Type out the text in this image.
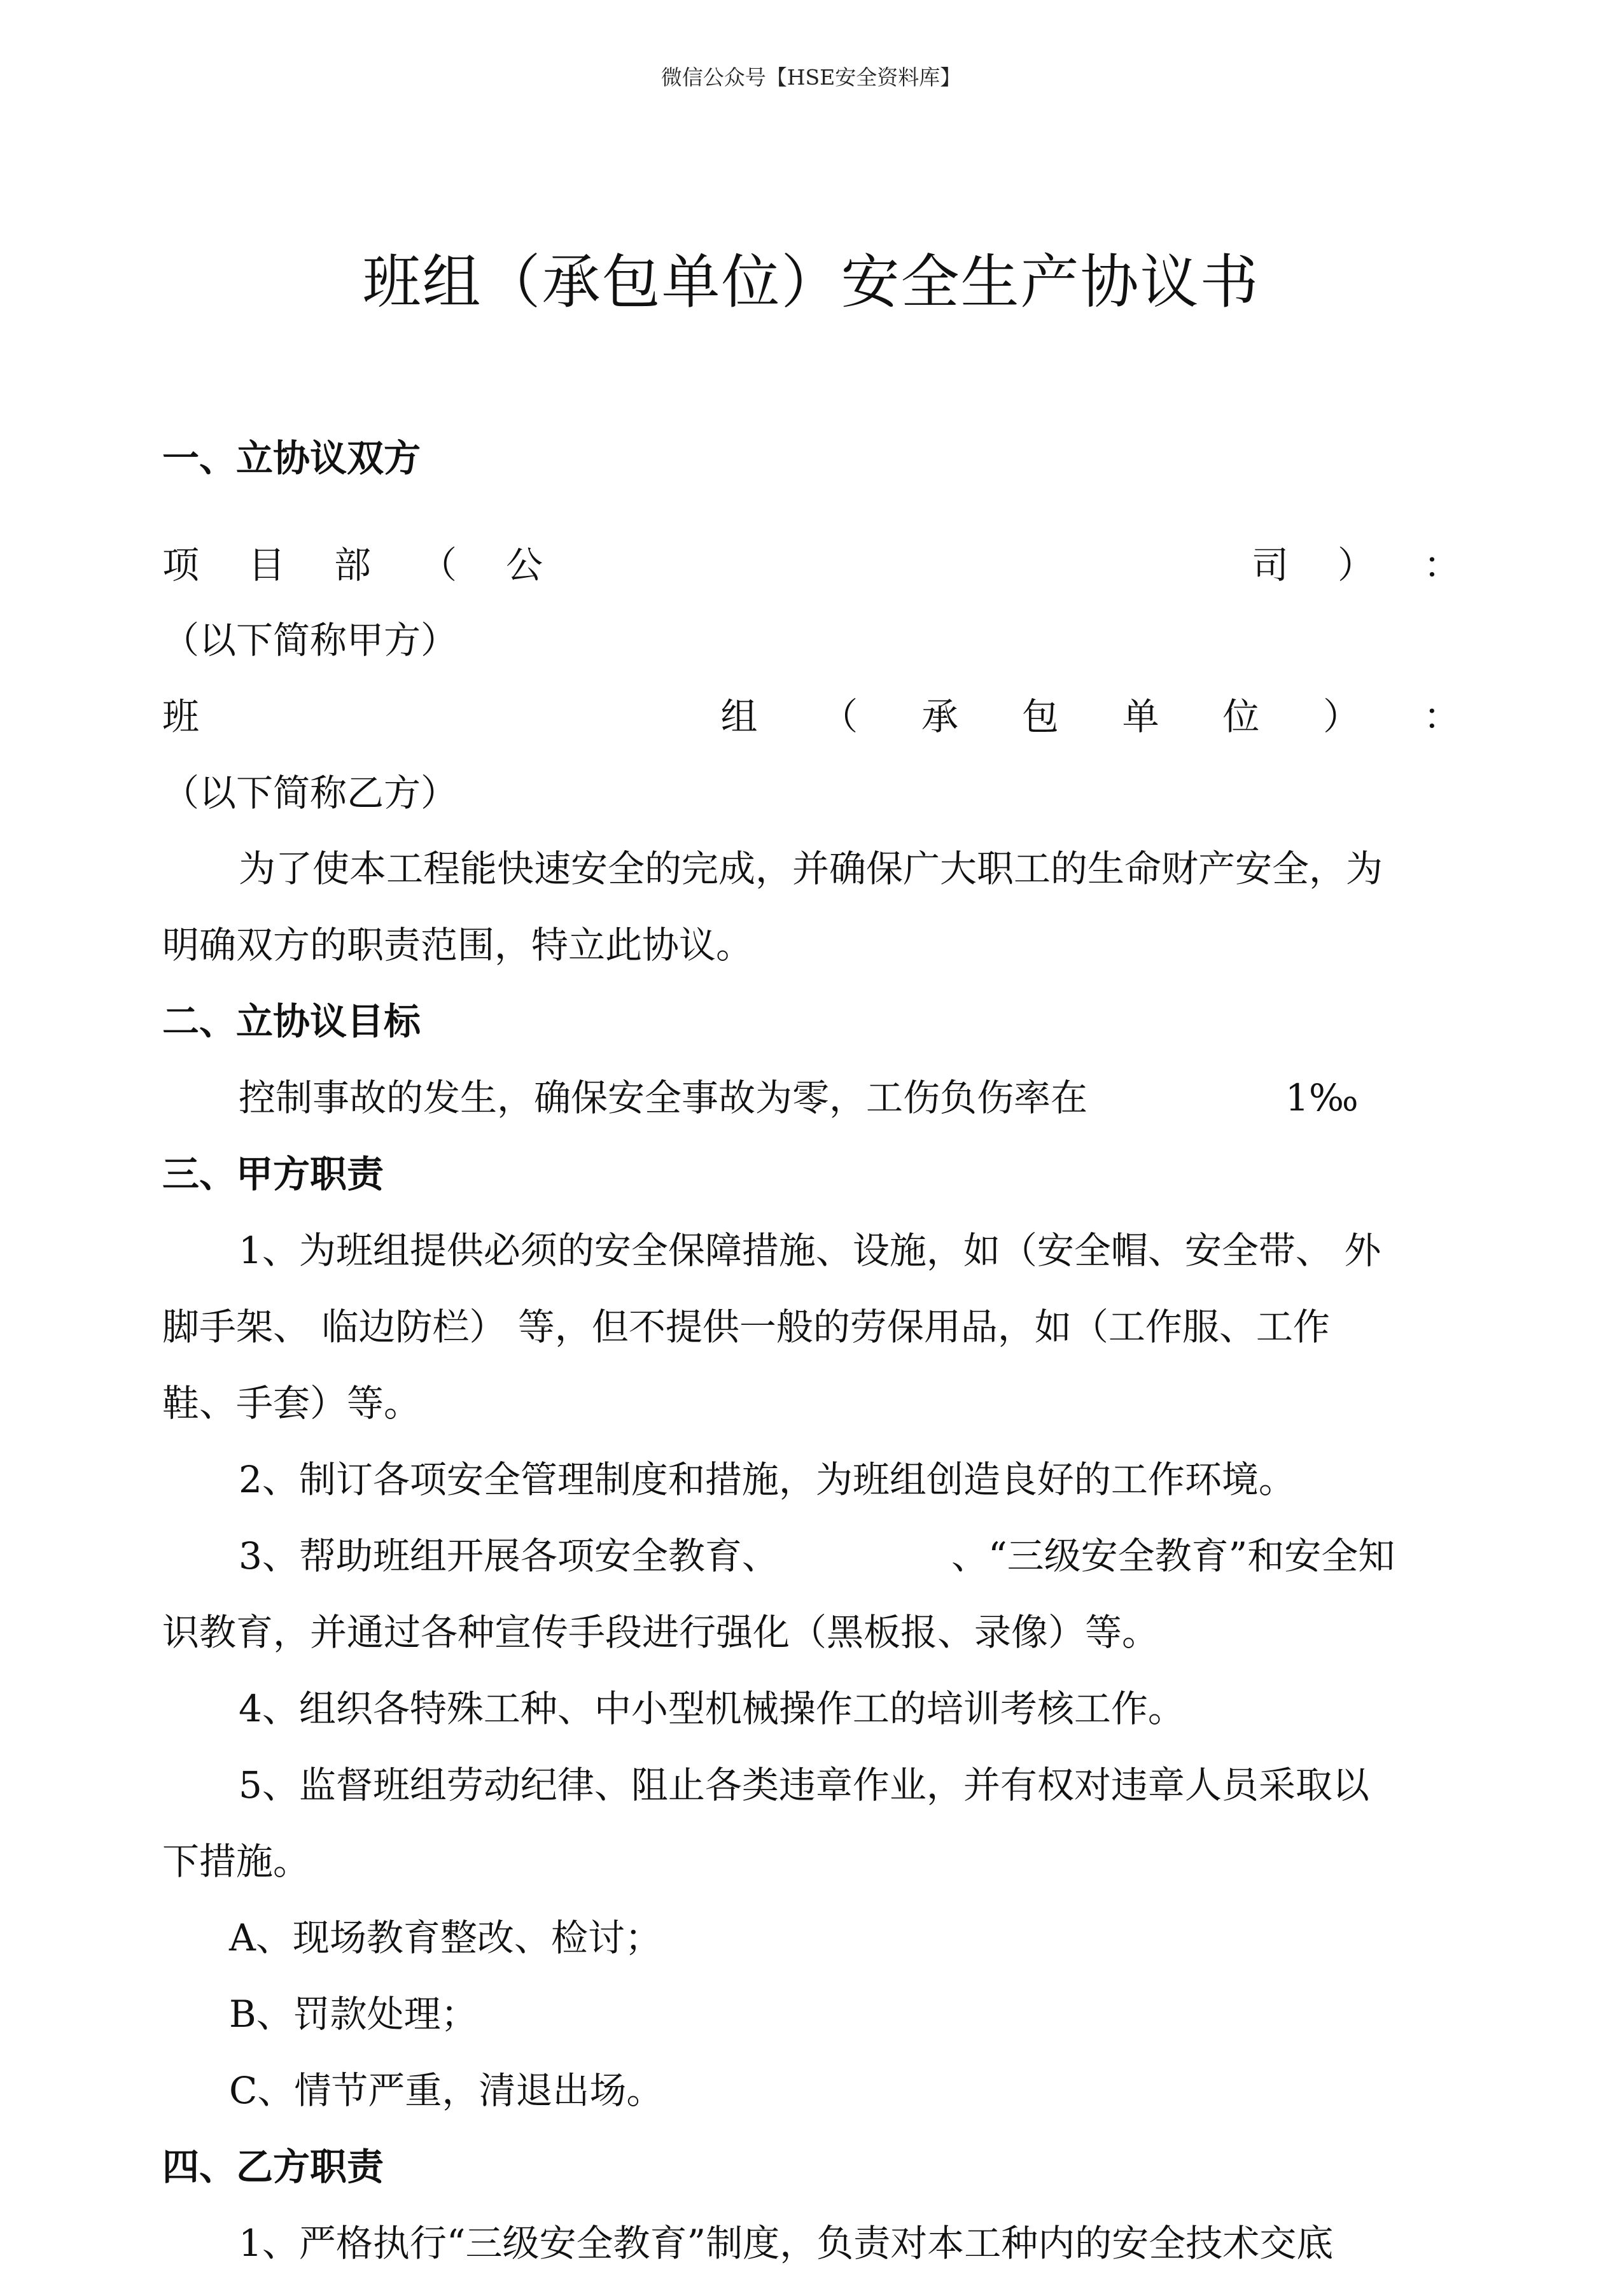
微信公众号【HSE安全资料库】
班组（承包单位）安全生产协议书
一、立协议双方
项 目 部 （ 公	司 ） ：
（以下简称甲方）
班	组 （ 承 包 单 位 ） ：
（以下简称乙方）
为了使本工程能快速安全的完成，并确保广大职工的生命财产安全，为
明确双方的职责范围，特立此协议。
二、立协议目标
控制事故的发生，确保安全事故为零，工伤负伤率在	1‰
三、甲方职责
1、为班组提供必须的安全保障措施、设施，如（安全帽、安全带、 外
脚手架、 临边防栏） 等，但不提供一般的劳保用品，如（工作服、工作
鞋、手套）等。
2、制订各项安全管理制度和措施，为班组创造良好的工作环境。
3、帮助班组开展各项安全教育、	、“三级安全教育”和安全知
识教育，并通过各种宣传手段进行强化（黑板报、录像）等。
4、组织各特殊工种、中小型机械操作工的培训考核工作。
5、监督班组劳动纪律、阻止各类违章作业，并有权对违章人员采取以
下措施。
A、现场教育整改、检讨；
B、罚款处理；
C、情节严重，清退出场。
四、乙方职责
1、严格执行“三级安全教育”制度，负责对本工种内的安全技术交底
